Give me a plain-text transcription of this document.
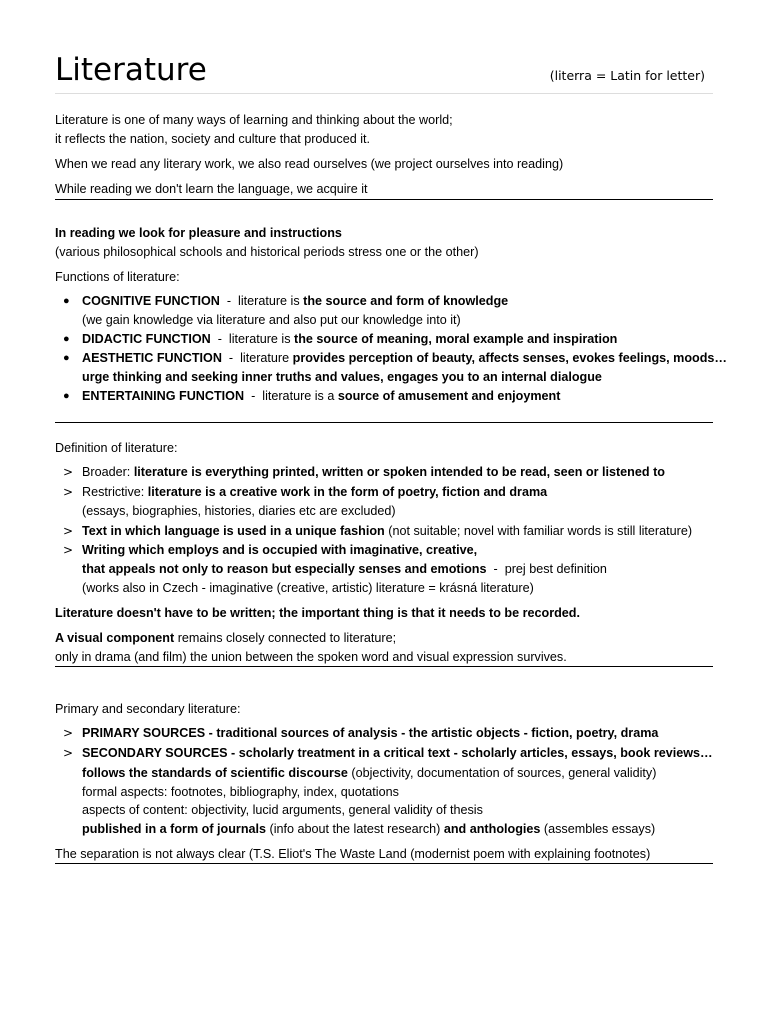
Literature	(literra = Latin for letter)
Literature is one of many ways of learning and thinking about the world;
it reflects the nation, society and culture that produced it.
When we read any literary work, we also read ourselves (we project ourselves into reading)
While reading we don't learn the language, we acquire it
In reading we look for pleasure and instructions
(various philosophical schools and historical periods stress one or the other)
Functions of literature:
● COGNITIVE FUNCTION  -  literature is the source and form of knowledge
(we gain knowledge via literature and also put our knowledge into it)
● DIDACTIC FUNCTION  -  literature is the source of meaning, moral example and inspiration
● AESTHETIC FUNCTION  -  literature provides perception of beauty, affects senses, evokes feelings, moods…
urge thinking and seeking inner truths and values, engages you to an internal dialogue
● ENTERTAINING FUNCTION  -  literature is a source of amusement and enjoyment
Definition of literature:
> Broader: literature is everything printed, written or spoken intended to be read, seen or listened to
> Restrictive: literature is a creative work in the form of poetry, fiction and drama
(essays, biographies, histories, diaries etc are excluded)
> Text in which language is used in a unique fashion (not suitable; novel with familiar words is still literature)
> Writing which employs and is occupied with imaginative, creative,
that appeals not only to reason but especially senses and emotions  -  prej best definition
(works also in Czech - imaginative (creative, artistic) literature = krásná literature)
Literature doesn't have to be written; the important thing is that it needs to be recorded.
A visual component remains closely connected to literature;
only in drama (and film) the union between the spoken word and visual expression survives.
Primary and secondary literature:
> PRIMARY SOURCES - traditional sources of analysis - the artistic objects - fiction, poetry, drama
> SECONDARY SOURCES - scholarly treatment in a critical text - scholarly articles, essays, book reviews…
follows the standards of scientific discourse (objectivity, documentation of sources, general validity)
formal aspects: footnotes, bibliography, index, quotations
aspects of content: objectivity, lucid arguments, general validity of thesis
published in a form of journals (info about the latest research) and anthologies (assembles essays)
The separation is not always clear (T.S. Eliot's The Waste Land (modernist poem with explaining footnotes)
